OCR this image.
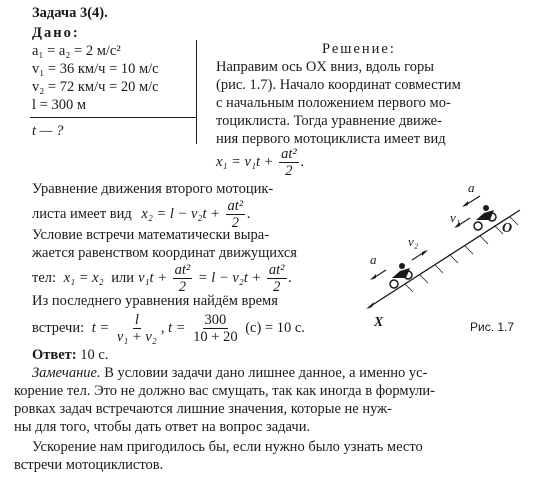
Задача 3(4).
Дано:
a₁ = a₂ = 2 м/с²
v₁ = 36 км/ч = 10 м/с
v₂ = 72 км/ч = 20 м/с
l = 300 м
t — ?
Решение:
Направим ось OX вниз, вдоль горы
(рис. 1.7). Начало координат совместим
с начальным положением первого мо-
тоциклиста. Тогда уравнение движе-
ния первого мотоциклиста имеет вид
$x_1 = v_1t + \frac{\text{at²}}{2}$ .
Уравнение движения второго мотоцик-
листа имеет вид $x_2 = l - v_2t + \frac{\text{at²}}{2}$ .
Условие встречи математически выра-
жается равенством координат движущихся
тел: x₁ = x₂ или $v_1t + \frac{\text{at²}}{2} = l - v_2t + \frac{\text{at²}}{2}$ .
Из последнего уравнения найдём время
встречи: $t = \frac{l}{\text{v₁ + v₂}}$ , $t = \frac{300}{10 + 20} (с) = 10$ с.
Ответ: 10 с.
Замечание. В условии задачи дано лишнее данное, а именно ус-
корение тел. Это не должно вас смущать, так как иногда в формули-
ровках задач встречаются лишние значения, которые не нуж-
ны для того, чтобы дать ответ на вопрос задачи.
Ускорение нам пригодилось бы, если нужно было узнать место
встречи мотоциклистов.
a
v₁
O
v₂
a
X	Рис. 1.7
